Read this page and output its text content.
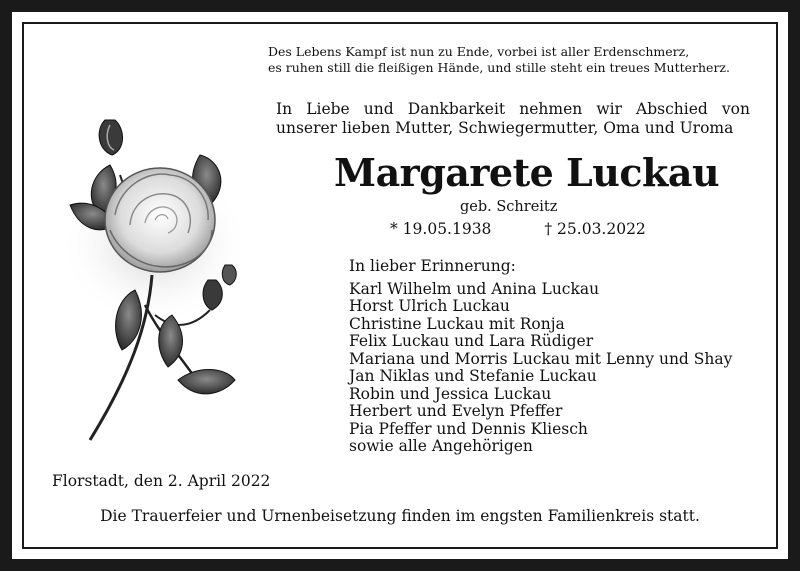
Des Lebens Kampf ist nun zu Ende, vorbei ist aller Erdenschmerz,
es ruhen still die fleißigen Hände, und stille steht ein treues Mutterherz.
In Liebe und Dankbarkeit nehmen wir Abschied von
unserer lieben Mutter, Schwiegermutter, Oma und Uroma
Margarete Luckau
geb. Schreitz
* 19.05.1938	† 25.03.2022
In lieber Erinnerung:
Karl Wilhelm und Anina Luckau
Horst Ulrich Luckau
Christine Luckau mit Ronja
Felix Luckau und Lara Rüdiger
Mariana und Morris Luckau mit Lenny und Shay
Jan Niklas und Stefanie Luckau
Robin und Jessica Luckau
Herbert und Evelyn Pfeffer
Pia Pfeffer und Dennis Kliesch
sowie alle Angehörigen
Florstadt, den 2. April 2022
Die Trauerfeier und Urnenbeisetzung finden im engsten Familienkreis statt.
